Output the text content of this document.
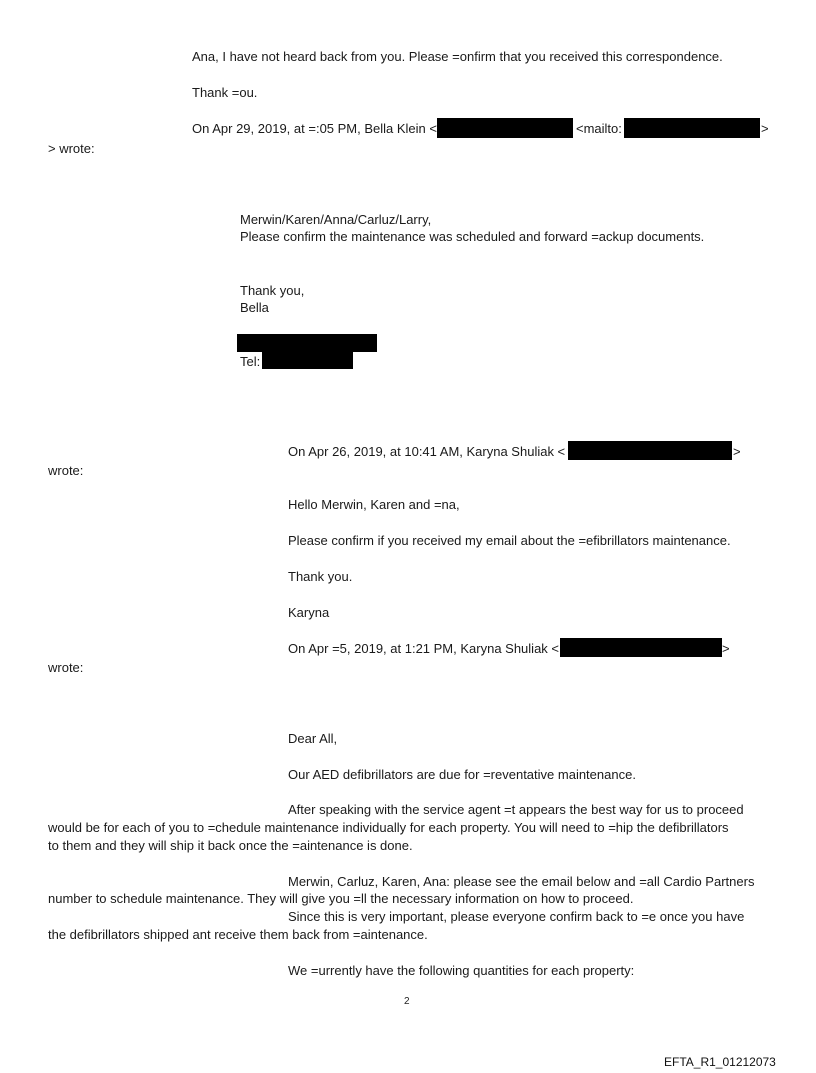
Ana, I have not heard back from you. Please =onfirm that you received this correspondence.
Thank =ou.
On Apr 29, 2019, at =:05 PM, Bella Klein <	<mailto:	>
> wrote:
Merwin/Karen/Anna/Carluz/Larry,
Please confirm the maintenance was scheduled and forward =ackup documents.
Thank you,
Bella
Tel:
On Apr 26, 2019, at 10:41 AM, Karyna Shuliak <	>
wrote:
Hello Merwin, Karen and =na,
Please confirm if you received my email about the =efibrillators maintenance.
Thank you.
Karyna
On Apr =5, 2019, at 1:21 PM, Karyna Shuliak <	>
wrote:
Dear All,
Our AED defibrillators are due for =reventative maintenance.
After speaking with the service agent =t appears the best way for us to proceed
would be for each of you to =chedule maintenance individually for each property. You will need to =hip the defibrillators
to them and they will ship it back once the =aintenance is done.
Merwin, Carluz, Karen, Ana: please see the email below and =all Cardio Partners
number to schedule maintenance. They will give you =ll the necessary information on how to proceed.
Since this is very important, please everyone confirm back to =e once you have
the defibrillators shipped ant receive them back from =aintenance.
We =urrently have the following quantities for each property:
2
EFTA_R1_01212073
